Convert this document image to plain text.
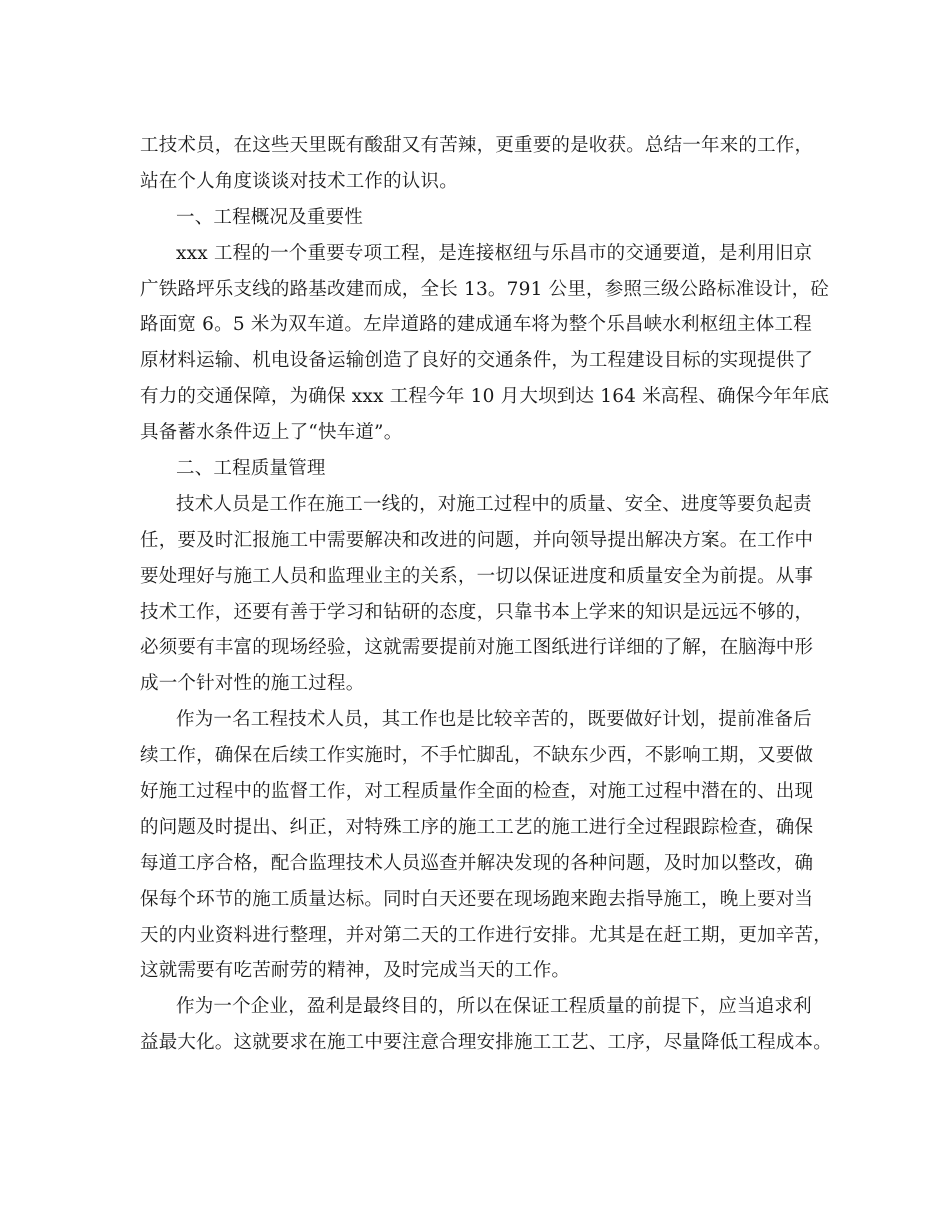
工技术员，在这些天里既有酸甜又有苦辣，更重要的是收获。总结一年来的工作，
站在个人角度谈谈对技术工作的认识。
一、工程概况及重要性
xxx 工程的一个重要专项工程，是连接枢纽与乐昌市的交通要道，是利用旧京
广铁路坪乐支线的路基改建而成，全长 13。791 公里，参照三级公路标准设计，砼
路面宽 6。5 米为双车道。左岸道路的建成通车将为整个乐昌峡水利枢纽主体工程
原材料运输、机电设备运输创造了良好的交通条件，为工程建设目标的实现提供了
有力的交通保障，为确保 xxx 工程今年 10 月大坝到达 164 米高程、确保今年年底
具备蓄水条件迈上了“快车道”。
二、工程质量管理
技术人员是工作在施工一线的，对施工过程中的质量、安全、进度等要负起责
任，要及时汇报施工中需要解决和改进的问题，并向领导提出解决方案。在工作中
要处理好与施工人员和监理业主的关系，一切以保证进度和质量安全为前提。从事
技术工作，还要有善于学习和钻研的态度，只靠书本上学来的知识是远远不够的，
必须要有丰富的现场经验，这就需要提前对施工图纸进行详细的了解，在脑海中形
成一个针对性的施工过程。
作为一名工程技术人员，其工作也是比较辛苦的，既要做好计划，提前准备后
续工作，确保在后续工作实施时，不手忙脚乱，不缺东少西，不影响工期，又要做
好施工过程中的监督工作，对工程质量作全面的检查，对施工过程中潜在的、出现
的问题及时提出、纠正，对特殊工序的施工工艺的施工进行全过程跟踪检查，确保
每道工序合格，配合监理技术人员巡查并解决发现的各种问题，及时加以整改，确
保每个环节的施工质量达标。同时白天还要在现场跑来跑去指导施工，晚上要对当
天的内业资料进行整理，并对第二天的工作进行安排。尤其是在赶工期，更加辛苦，
这就需要有吃苦耐劳的精神，及时完成当天的工作。
作为一个企业，盈利是最终目的，所以在保证工程质量的前提下，应当追求利
益最大化。这就要求在施工中要注意合理安排施工工艺、工序，尽量降低工程成本。
